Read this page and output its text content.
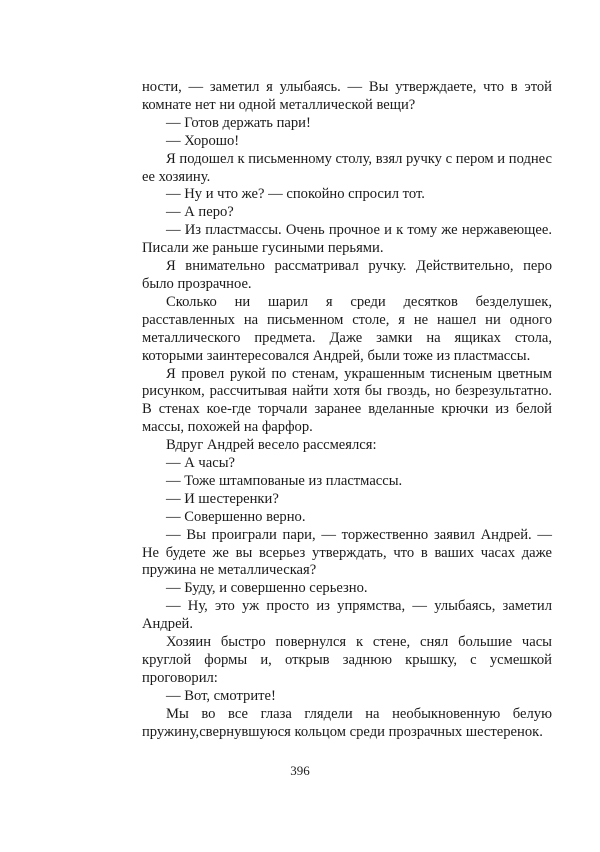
ности, — заметил я улыбаясь. — Вы утверждаете, что в этой комнате нет ни одной металлической вещи?

— Готов держать пари!

— Хорошо!

Я подошел к письменному столу, взял ручку с пером и поднес ее хозяину.

— Ну и что же? — спокойно спросил тот.

— А перо?

— Из пластмассы. Очень прочное и к тому же нержавеющее. Писали же раньше гусиными перьями.

Я внимательно рассматривал ручку. Действительно, перо было прозрачное.

Сколько ни шарил я среди десятков безделушек, расставленных на письменном столе, я не нашел ни одного металлического предмета. Даже замки на ящиках стола, которыми заинтересовался Андрей, были тоже из пластмассы.

Я провел рукой по стенам, украшенным тисненым цветным рисунком, рассчитывая найти хотя бы гвоздь, но безрезультатно. В стенах кое-где торчали заранее вделанные крючки из белой массы, похожей на фарфор.

Вдруг Андрей весело рассмеялся:

— А часы?

— Тоже штампованые из пластмассы.

— И шестеренки?

— Совершенно верно.

— Вы проиграли пари, — торжественно заявил Андрей. — Не будете же вы всерьез утверждать, что в ваших часах даже пружина не металлическая?

— Буду, и совершенно серьезно.

— Ну, это уж просто из упрямства, — улыбаясь, заметил Андрей.

Хозяин быстро повернулся к стене, снял большие часы круглой формы и, открыв заднюю крышку, с усмешкой проговорил:

— Вот, смотрите!

Мы во все глаза глядели на необыкновенную белую пружину,свернувшуюся кольцом среди прозрачных шестеренок.

396
